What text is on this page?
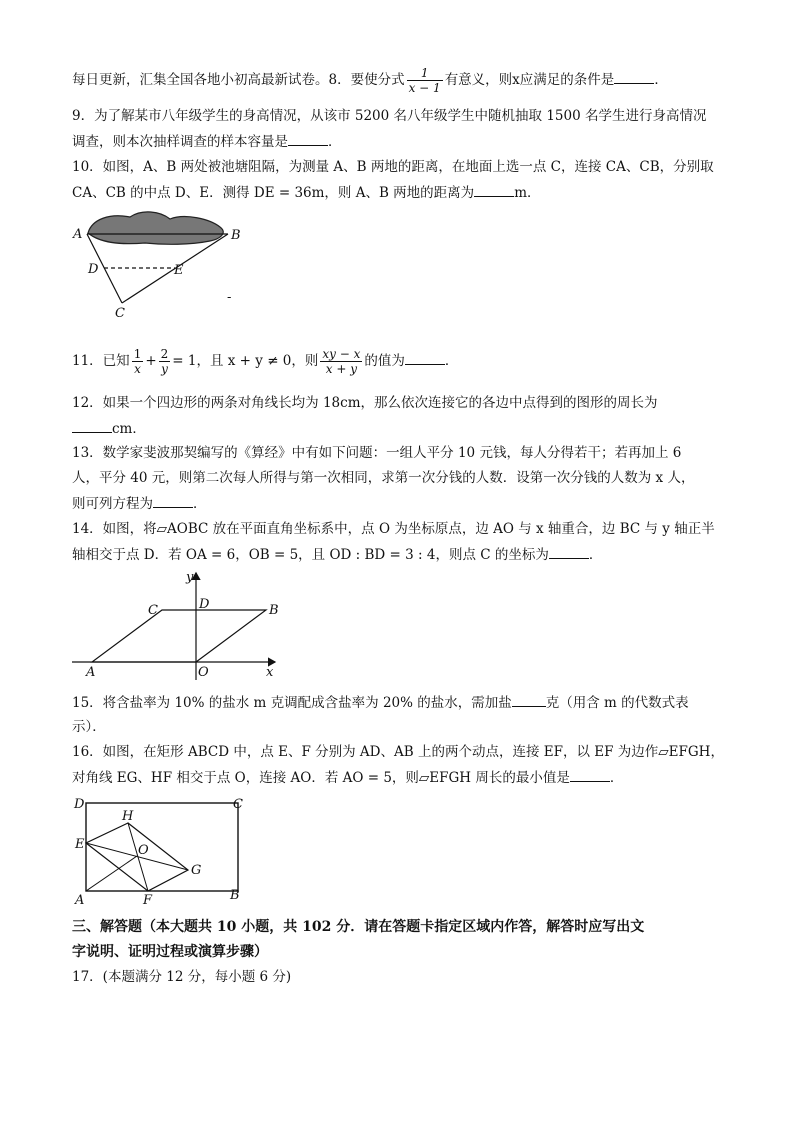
每日更新，汇集全国各地小初高最新试卷。8．要使分式 $\frac{1}{x - 1}$ 有意义，则x应满足的条件是	．
9．为了解某市八年级学生的身高情况，从该市 5200 名八年级学生中随机抽取 1500 名学生进行身高情况
调查，则本次抽样调查的样本容量是	．
10．如图，A、B 两处被池塘阻隔，为测量 A、B 两地的距离，在地面上选一点 C，连接 CA、CB，分别取
CA、CB 的中点 D、E．测得 DE = 36m，则 A、B 两地的距离为	m．
A	B
C
D	E
-
11．已知 $\frac{1}{x} + \frac{2}{y} = 1$，且 x + y ≠ 0，则 $\frac{xy - x}{x + y}$ 的值为	．
12．如果一个四边形的两条对角线长均为 18cm，那么依次连接它的各边中点得到的图形的周长为
cm．
13．数学家斐波那契编写的《算经》中有如下问题：一组人平分 10 元钱，每人分得若干；若再加上 6
人，平分 40 元，则第二次每人所得与第一次相同，求第一次分钱的人数．设第一次分钱的人数为 x 人，
则可列方程为	．
14．如图，将▱AOBC 放在平面直角坐标系中，点 O 为坐标原点，边 AO 与 x 轴重合，边 BC 与 y 轴正半
轴相交于点 D．若 OA = 6，OB = 5，且 OD : BD = 3 : 4，则点 C 的坐标为	．
y
x
A
B
C	D
O
15．将含盐率为 10% 的盐水 m 克调配成含盐率为 20% 的盐水，需加盐	克（用含 m 的代数式表
示）．
16．如图，在矩形 ABCD 中，点 E、F 分别为 AD、AB 上的两个动点，连接 EF，以 EF 为边作▱EFGH，
对角线 EG、HF 相交于点 O，连接 AO．若 AO = 5，则▱EFGH 周长的最小值是	．
D	C
E
H
O
G
A	F	B
三、解答题（本大题共 10 小题，共 102 分．请在答题卡指定区域内作答，解答时应写出文
字说明、证明过程或演算步骤）
17．(本题满分 12 分，每小题 6 分)
